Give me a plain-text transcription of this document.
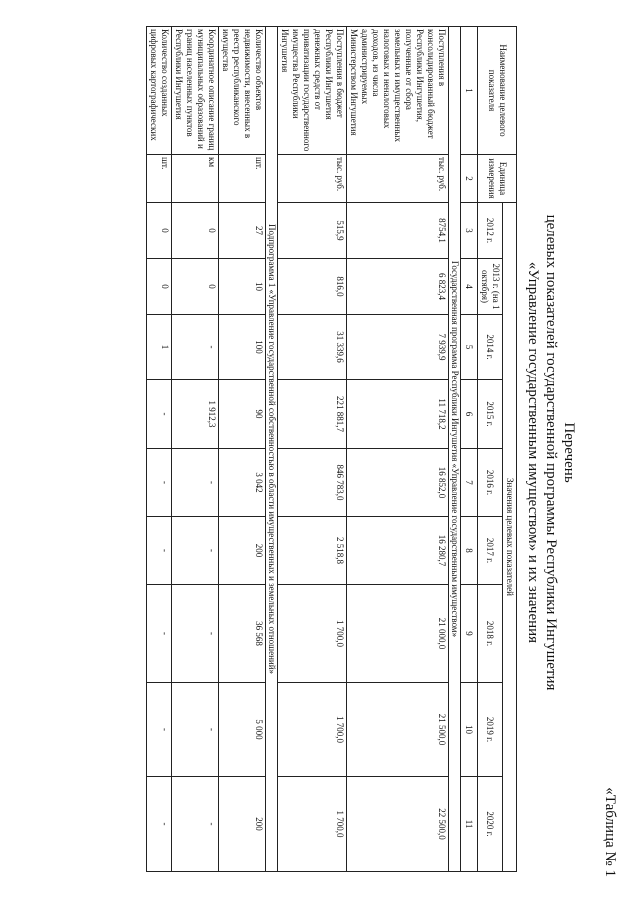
«Таблица № 1
Перечень
целевых показателей государственной программы Республики Ингушетия
«Управление государственным имуществом» и их значения
Наименование целевого показателя	Единица измерения	Значения целевых показателей								
		2012 г.	2013 г. (на 1 октября)	2014 г.	2015 г.	2016 г.	2017 г.	2018 г.	2019 г.	2020 г.
1	2	3	4	5	6	7	8	9	10	11
Государственная программа Республики Ингушетия «Управление государственным имуществом»										
Поступления в консолидированный бюджет Республики Ингушетия, полученные от сбора земельных и имущественных налоговых и неналоговых доходов, из числа администрируемых Министерством Ингушетия	тыс. руб.	8754,1	6 823,4	7 939,9	11 718,2	16 852,0	16 280,7	21 000,0	21 500,0	22 500,0
Поступления в бюджет Республики Ингушетия денежных средств от приватизации государственного имущества Республики Ингушетия	тыс. руб.	515,9	816,0	31 339,6	221 881,7	846 783,0	2 518,8	1 700,0	1 700,0	1 700,0
Подпрограмма 1 «Управление государственной собственностью в области имущественных и земельных отношений»										
Количество объектов недвижимости, внесенных в реестр республиканского имущества	шт.	27	10	100	90	3 042	200	36 568	5 000	200
Координатное описание границ муниципальных образований и границ населенных пунктов Республики Ингушетия	км	0	0	-	1 912,3	-	-	-	-	-
Количество созданных цифровых картографических	шт.	0	0	1	-	-	-	-	-	-
